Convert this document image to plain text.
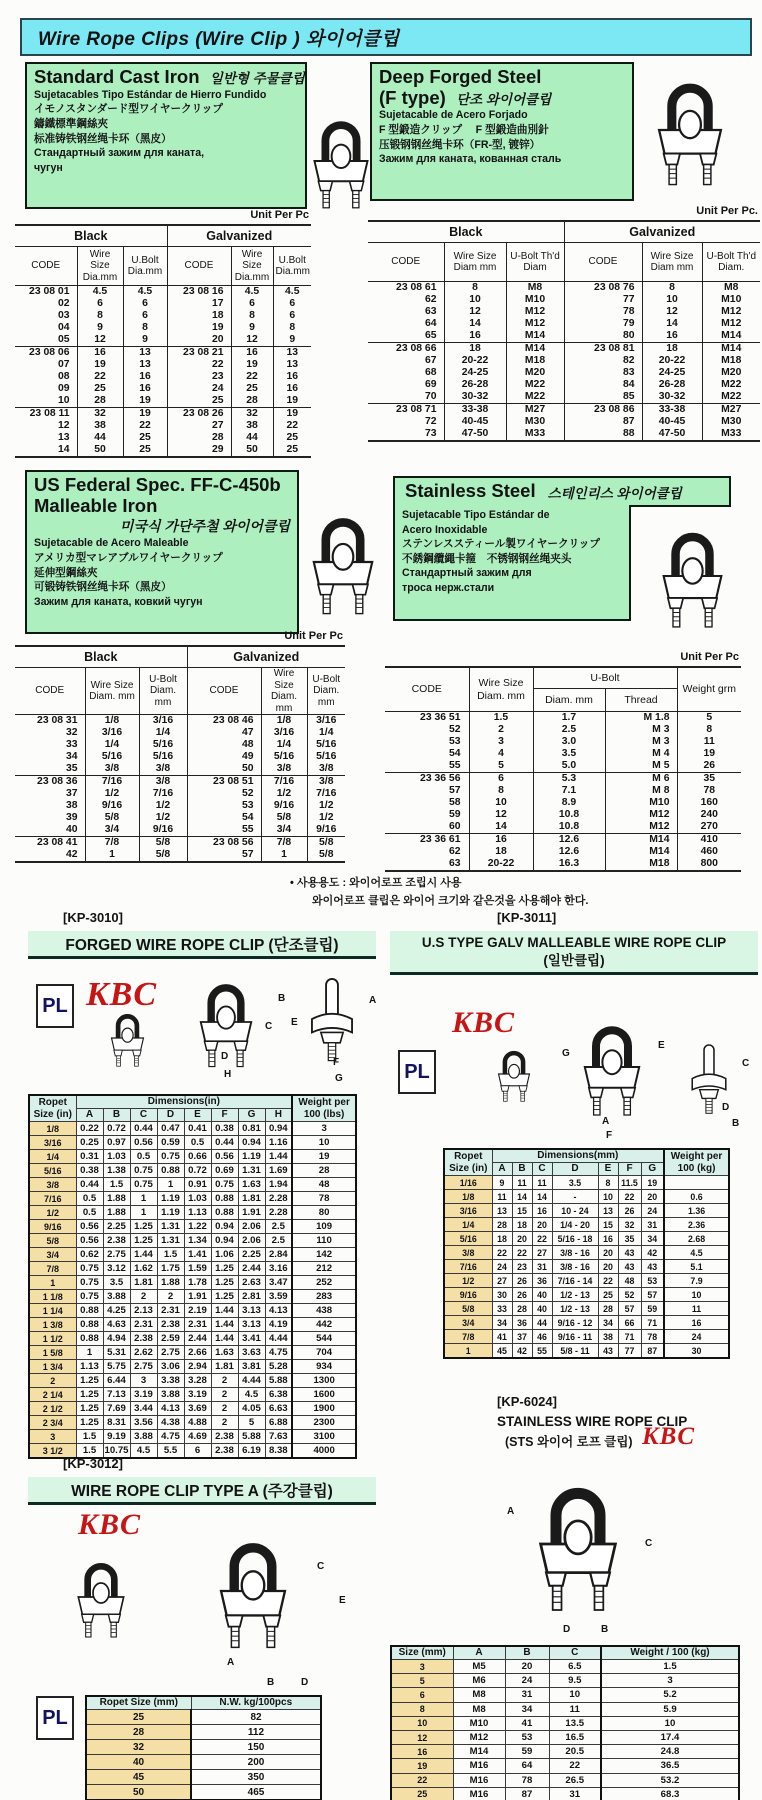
Wire Rope Clips (Wire Clip ) 와이어클립
Standard Cast Iron 일반형 주물클립
Sujetacables Tipo Estándar de Hierro Fundido
イモノスタンダード型ワイヤークリップ
鑄鐵標準鋼絲夾
标准铸铁钢丝绳卡环（黑皮）
Стандартный зажим для каната,
чугун
Deep Forged Steel
(F type) 단조 와이어클립
Sujetacable de Acero Forjado
F 型鍛造クリップ　 F 型鍛造曲別針
压锻钢钢丝绳卡环（FR-型, 镀锌）
Зажим для каната, кованная сталь
Unit Per Pc
Black			Galvanized		
CODE	Wire Size Dia.mm	U.Bolt Dia.mm	CODE	Wire Size Dia.mm	U.Bolt Dia.mm
23 08 01	4.5	4.5	23 08 16	4.5	4.5
02	6	6	17	6	6
03	8	6	18	8	6
04	9	8	19	9	8
05	12	9	20	12	9
23 08 06	16	13	23 08 21	16	13
07	19	13	22	19	13
08	22	16	23	22	16
09	25	16	24	25	16
10	28	19	25	28	19
23 08 11	32	19	23 08 26	32	19
12	38	22	27	38	22
13	44	25	28	44	25
14	50	25	29	50	25
Unit Per Pc.
Black			Galvanized		
CODE	Wire Size Diam mm	U-Bolt Th'd Diam	CODE	Wire Size Diam mm	U-Bolt Th'd Diam.
23 08 61	8	M8	23 08 76	8	M8
62	10	M10	77	10	M10
63	12	M12	78	12	M12
64	14	M12	79	14	M12
65	16	M14	80	16	M14
23 08 66	18	M14	23 08 81	18	M14
67	20-22	M18	82	20-22	M18
68	24-25	M20	83	24-25	M20
69	26-28	M22	84	26-28	M22
70	30-32	M22	85	30-32	M22
23 08 71	33-38	M27	23 08 86	33-38	M27
72	40-45	M30	87	40-45	M30
73	47-50	M33	88	47-50	M33
US Federal Spec. FF-C-450b
Malleable Iron
미국식 가단주철 와이어클립
Sujetacable de Acero Maleable
アメリカ型マレアブルワイヤークリップ
延伸型鋼絲夾
可锻铸铁钢丝绳卡环（黑皮）
Зажим для каната, ковкий чугун
Stainless Steel 스테인리스 와이어클립
Sujetacable Tipo Estándar de
Acero Inoxidable
ステンレススティール製ワイヤークリップ
不銹鋼纜繩卡箍　不锈钢钢丝绳夹头
Стандартный зажим для
троса нерж.стали
Unit Per Pc
Black			Galvanized		
CODE	Wire Size Diam. mm	U-Bolt Diam. mm	CODE	Wire Size Diam. mm	U-Bolt Diam. mm
23 08 31	1/8	3/16	23 08 46	1/8	3/16
32	3/16	1/4	47	3/16	1/4
33	1/4	5/16	48	1/4	5/16
34	5/16	5/16	49	5/16	5/16
35	3/8	3/8	50	3/8	3/8
23 08 36	7/16	3/8	23 08 51	7/16	3/8
37	1/2	7/16	52	1/2	7/16
38	9/16	1/2	53	9/16	1/2
39	5/8	1/2	54	5/8	1/2
40	3/4	9/16	55	3/4	9/16
23 08 41	7/8	5/8	23 08 56	7/8	5/8
42	1	5/8	57	1	5/8
Unit Per Pc
CODE	Wire Size Diam. mm	U-Bolt		Weight grm
		Diam. mm	Thread	
23 36 51	1.5	1.7	M 1.8	5
52	2	2.5	M 3	8
53	3	3.0	M 3	11
54	4	3.5	M 4	19
55	5	5.0	M 5	26
23 36 56	6	5.3	M 6	35
57	8	7.1	M 8	78
58	10	8.9	M10	160
59	12	10.8	M12	240
60	14	10.8	M12	270
23 36 61	16	12.6	M14	410
62	18	12.6	M14	460
63	20-22	16.3	M18	800
• 사용용도 : 와이어로프 조립시 사용
와이어로프 클립은 와이어 크기와 같은것을 사용해야 한다.
[KP-3010]
FORGED WIRE ROPE CLIP (단조클립)
PL KBC	B
C
D
H
A
E
F
G
Ropet Size (in)	Dimensions(in)								Weight per 100 (lbs)
	A	B	C	D	E	F	G	H	
1/8	0.22	0.72	0.44	0.47	0.41	0.38	0.81	0.94	3
3/16	0.25	0.97	0.56	0.59	0.5	0.44	0.94	1.16	10
1/4	0.31	1.03	0.5	0.75	0.66	0.56	1.19	1.44	19
5/16	0.38	1.38	0.75	0.88	0.72	0.69	1.31	1.69	28
3/8	0.44	1.5	0.75	1	0.91	0.75	1.63	1.94	48
7/16	0.5	1.88	1	1.19	1.03	0.88	1.81	2.28	78
1/2	0.5	1.88	1	1.19	1.13	0.88	1.91	2.28	80
9/16	0.56	2.25	1.25	1.31	1.22	0.94	2.06	2.5	109
5/8	0.56	2.38	1.25	1.31	1.34	0.94	2.06	2.5	110
3/4	0.62	2.75	1.44	1.5	1.41	1.06	2.25	2.84	142
7/8	0.75	3.12	1.62	1.75	1.59	1.25	2.44	3.16	212
1	0.75	3.5	1.81	1.88	1.78	1.25	2.63	3.47	252
1 1/8	0.75	3.88	2	2	1.91	1.25	2.81	3.59	283
1 1/4	0.88	4.25	2.13	2.31	2.19	1.44	3.13	4.13	438
1 3/8	0.88	4.63	2.31	2.38	2.31	1.44	3.13	4.19	442
1 1/2	0.88	4.94	2.38	2.59	2.44	1.44	3.41	4.44	544
1 5/8	1	5.31	2.62	2.75	2.66	1.63	3.63	4.75	704
1 3/4	1.13	5.75	2.75	3.06	2.94	1.81	3.81	5.28	934
2	1.25	6.44	3	3.38	3.28	2	4.44	5.88	1300
2 1/4	1.25	7.13	3.19	3.88	3.19	2	4.5	6.38	1600
2 1/2	1.25	7.69	3.44	4.13	3.69	2	4.05	6.63	1900
2 3/4	1.25	8.31	3.56	4.38	4.88	2	5	6.88	2300
3	1.5	9.19	3.88	4.75	4.69	2.38	5.88	7.63	3100
3 1/2	1.5	10.75	4.5	5.5	6	2.38	6.19	8.38	4000
[KP-3011]
U.S TYPE GALV MALLEABLE WIRE ROPE CLIP
(일반클립)
KBC
PL
G
E
A
F
C
D
B
Ropet Size (in)	Dimensions(mm)							Weight per 100 (kg)
	A	B	C	D	E	F	G	
1/16	9	11	11	3.5	8	11.5	19	
1/8	11	14	14	-	10	22	20	0.6
3/16	13	15	16	10 - 24	13	26	24	1.36
1/4	28	18	20	1/4 - 20	15	32	31	2.36
5/16	18	20	22	5/16 - 18	16	35	34	2.68
3/8	22	22	27	3/8 - 16	20	43	42	4.5
7/16	24	23	31	3/8 - 16	20	43	43	5.1
1/2	27	26	36	7/16 - 14	22	48	53	7.9
9/16	30	26	40	1/2 - 13	25	52	57	10
5/8	33	28	40	1/2 - 13	28	57	59	11
3/4	34	36	44	9/16 - 12	34	66	71	16
7/8	41	37	46	9/16 - 11	38	71	78	24
1	45	42	55	5/8 - 11	43	77	87	30
[KP-6024]
STAINLESS WIRE ROPE CLIP
(STS 와이어 로프 클립) KBC
A
B
C
D
Size (mm)	A	B	C	Weight / 100 (kg)
3	M5	20	6.5	1.5
5	M6	24	9.5	3
6	M8	31	10	5.2
8	M8	34	11	5.9
10	M10	41	13.5	10
12	M12	53	16.5	17.4
16	M14	59	20.5	24.8
19	M16	64	22	36.5
22	M16	78	26.5	53.2
25	M16	87	31	68.3
[KP-3012]
WIRE ROPE CLIP TYPE A (주강클립)
KBC
PL
A
B
C
D
E
Ropet Size (mm)	N.W. kg/100pcs
25	82
28	112
32	150
40	200
45	350
50	465
